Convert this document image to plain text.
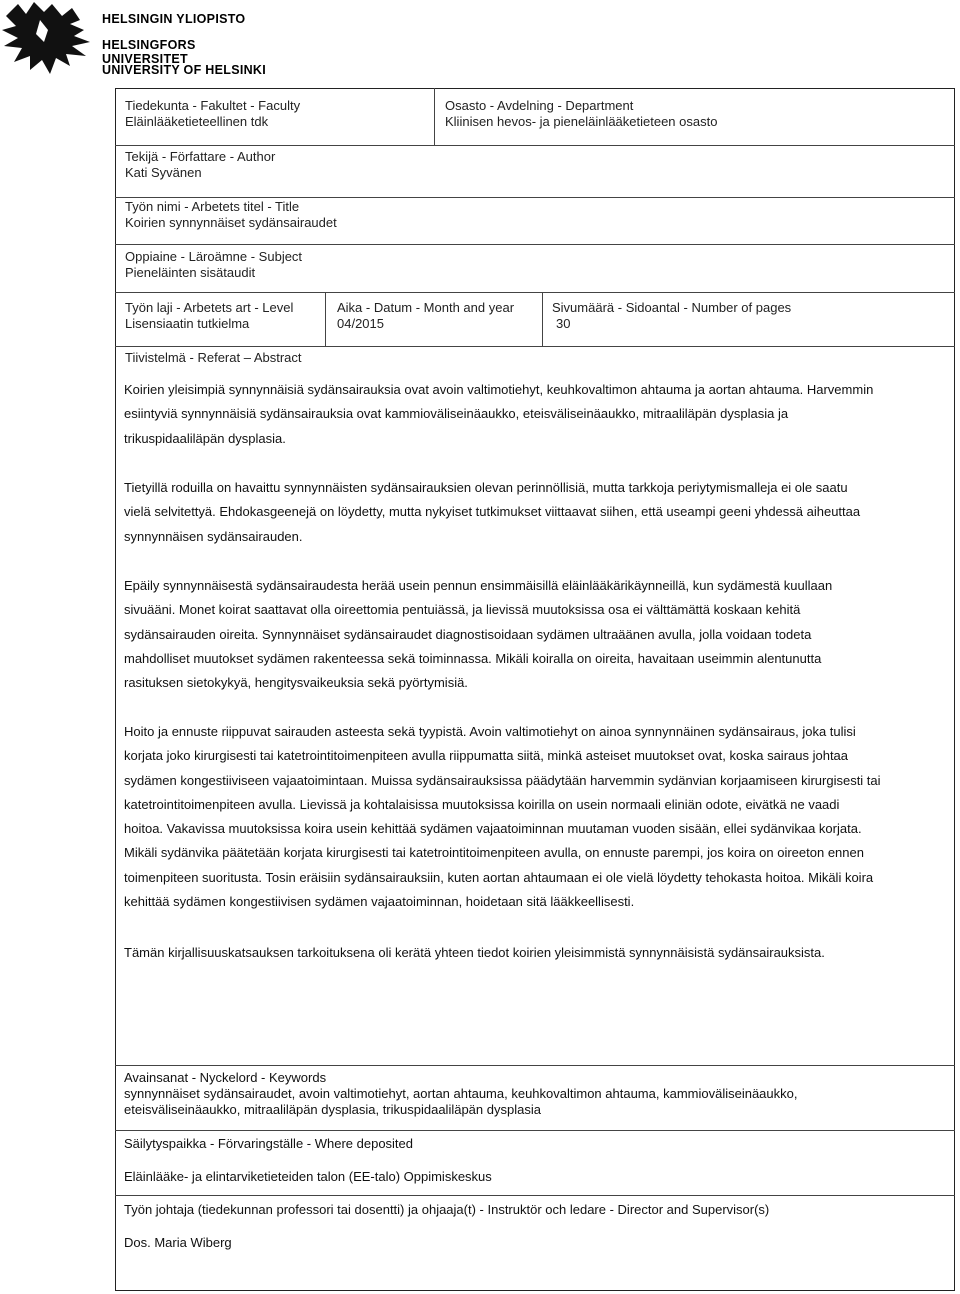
HELSINGIN YLIOPISTO
HELSINGFORS UNIVERSITET
UNIVERSITY OF HELSINKI
Tiedekunta - Fakultet - Faculty
Eläinlääketieteellinen tdk
Osasto - Avdelning - Department
Kliinisen hevos- ja pieneläinlääketieteen osasto
Tekijä - Författare - Author
Kati Syvänen
Työn nimi - Arbetets titel - Title
Koirien synnynnäiset sydänsairaudet
Oppiaine - Läroämne - Subject
Pieneläinten sisätaudit
Työn laji - Arbetets art - Level
Lisensiaatin tutkielma
Aika - Datum - Month and year
04/2015
Sivumäärä - Sidoantal - Number of pages
30
Tiivistelmä - Referat – Abstract
Koirien yleisimpiä synnynnäisiä sydänsairauksia ovat avoin valtimotiehyt, keuhkovaltimon ahtauma ja aortan ahtauma. Harvemmin
esiintyviä synnynnäisiä sydänsairauksia ovat kammioväliseinäaukko, eteisväliseinäaukko, mitraaliläpän dysplasia ja
trikuspidaaliläpän dysplasia.
Tietyillä roduilla on havaittu synnynnäisten sydänsairauksien olevan perinnöllisiä, mutta tarkkoja periytymismalleja ei ole saatu
vielä selvitettyä. Ehdokasgeenejä on löydetty, mutta nykyiset tutkimukset viittaavat siihen, että useampi geeni yhdessä aiheuttaa
synnynnäisen sydänsairauden.
Epäily synnynnäisestä sydänsairaudesta herää usein pennun ensimmäisillä eläinlääkärikäynneillä, kun sydämestä kuullaan
sivuääni. Monet koirat saattavat olla oireettomia pentuiässä, ja lievissä muutoksissa osa ei välttämättä koskaan kehitä
sydänsairauden oireita. Synnynnäiset sydänsairaudet diagnostisoidaan sydämen ultraäänen avulla, jolla voidaan todeta
mahdolliset muutokset sydämen rakenteessa sekä toiminnassa. Mikäli koiralla on oireita, havaitaan useimmin alentunutta
rasituksen sietokykyä, hengitysvaikeuksia sekä pyörtymisiä.
Hoito ja ennuste riippuvat sairauden asteesta sekä tyypistä. Avoin valtimotiehyt on ainoa synnynnäinen sydänsairaus, joka tulisi
korjata joko kirurgisesti tai katetrointitoimenpiteen avulla riippumatta siitä, minkä asteiset muutokset ovat, koska sairaus johtaa
sydämen kongestiiviseen vajaatoimintaan. Muissa sydänsairauksissa päädytään harvemmin sydänvian korjaamiseen kirurgisesti tai
katetrointitoimenpiteen avulla. Lievissä ja kohtalaisissa muutoksissa koirilla on usein normaali eliniän odote, eivätkä ne vaadi
hoitoa. Vakavissa muutoksissa koira usein kehittää sydämen vajaatoiminnan muutaman vuoden sisään, ellei sydänvikaa korjata.
Mikäli sydänvika päätetään korjata kirurgisesti tai katetrointitoimenpiteen avulla, on ennuste parempi, jos koira on oireeton ennen
toimenpiteen suoritusta. Tosin eräisiin sydänsairauksiin, kuten aortan ahtaumaan ei ole vielä löydetty tehokasta hoitoa. Mikäli koira
kehittää sydämen kongestiivisen sydämen vajaatoiminnan, hoidetaan sitä lääkkeellisesti.
Tämän kirjallisuuskatsauksen tarkoituksena oli kerätä yhteen tiedot koirien yleisimmistä synnynnäisistä sydänsairauksista.
Avainsanat - Nyckelord - Keywords
synnynnäiset sydänsairaudet, avoin valtimotiehyt, aortan ahtauma, keuhkovaltimon ahtauma, kammioväliseinäaukko,
eteisväliseinäaukko, mitraaliläpän dysplasia, trikuspidaaliläpän dysplasia
Säilytyspaikka - Förvaringställe - Where deposited
Eläinlääke- ja elintarviketieteiden talon (EE-talo) Oppimiskeskus
Työn johtaja (tiedekunnan professori tai dosentti) ja ohjaaja(t) - Instruktör och ledare - Director and Supervisor(s)
Dos. Maria Wiberg
